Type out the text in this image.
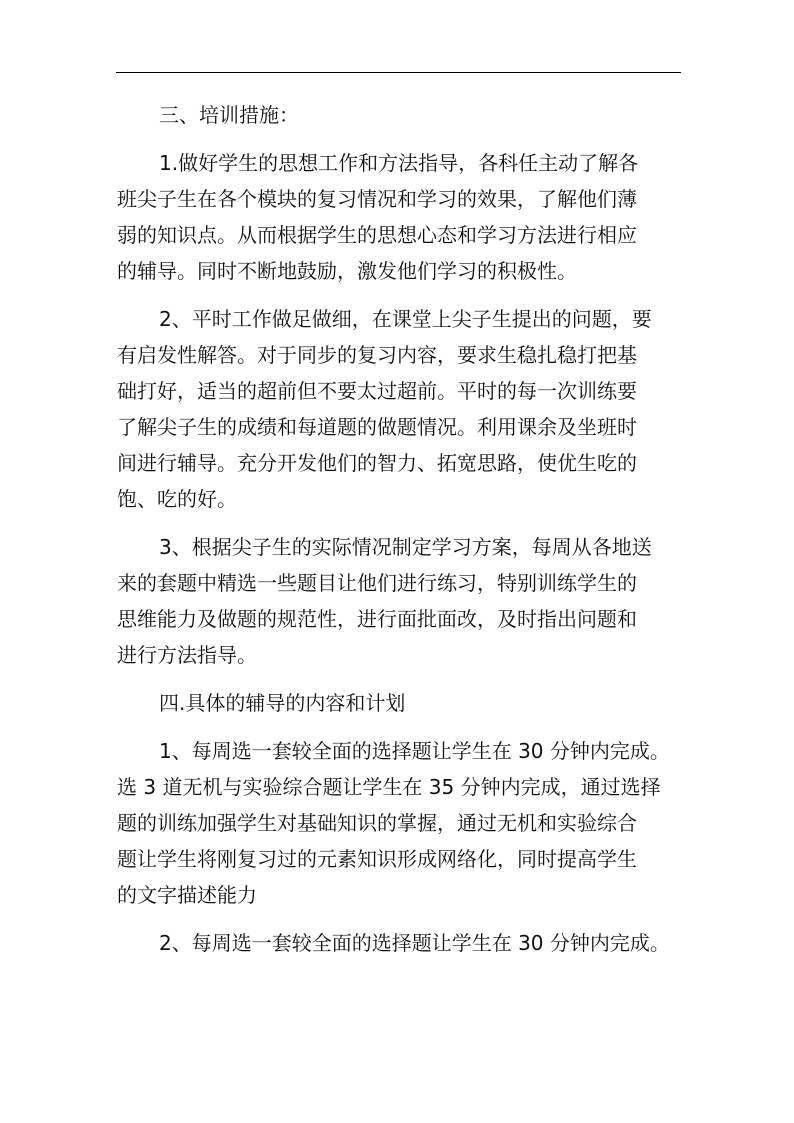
三、培训措施：
1.做好学生的思想工作和方法指导，各科任主动了解各
班尖子生在各个模块的复习情况和学习的效果，了解他们薄
弱的知识点。从而根据学生的思想心态和学习方法进行相应
的辅导。同时不断地鼓励，激发他们学习的积极性。
2、平时工作做足做细，在课堂上尖子生提出的问题，要
有启发性解答。对于同步的复习内容，要求生稳扎稳打把基
础打好，适当的超前但不要太过超前。平时的每一次训练要
了解尖子生的成绩和每道题的做题情况。利用课余及坐班时
间进行辅导。充分开发他们的智力、拓宽思路，使优生吃的
饱、吃的好。
3、根据尖子生的实际情况制定学习方案，每周从各地送
来的套题中精选一些题目让他们进行练习，特别训练学生的
思维能力及做题的规范性，进行面批面改，及时指出问题和
进行方法指导。
四.具体的辅导的内容和计划
1、每周选一套较全面的选择题让学生在 30 分钟内完成。
选 3 道无机与实验综合题让学生在 35 分钟内完成，通过选择
题的训练加强学生对基础知识的掌握，通过无机和实验综合
题让学生将刚复习过的元素知识形成网络化，同时提高学生
的文字描述能力
2、每周选一套较全面的选择题让学生在 30 分钟内完成。
